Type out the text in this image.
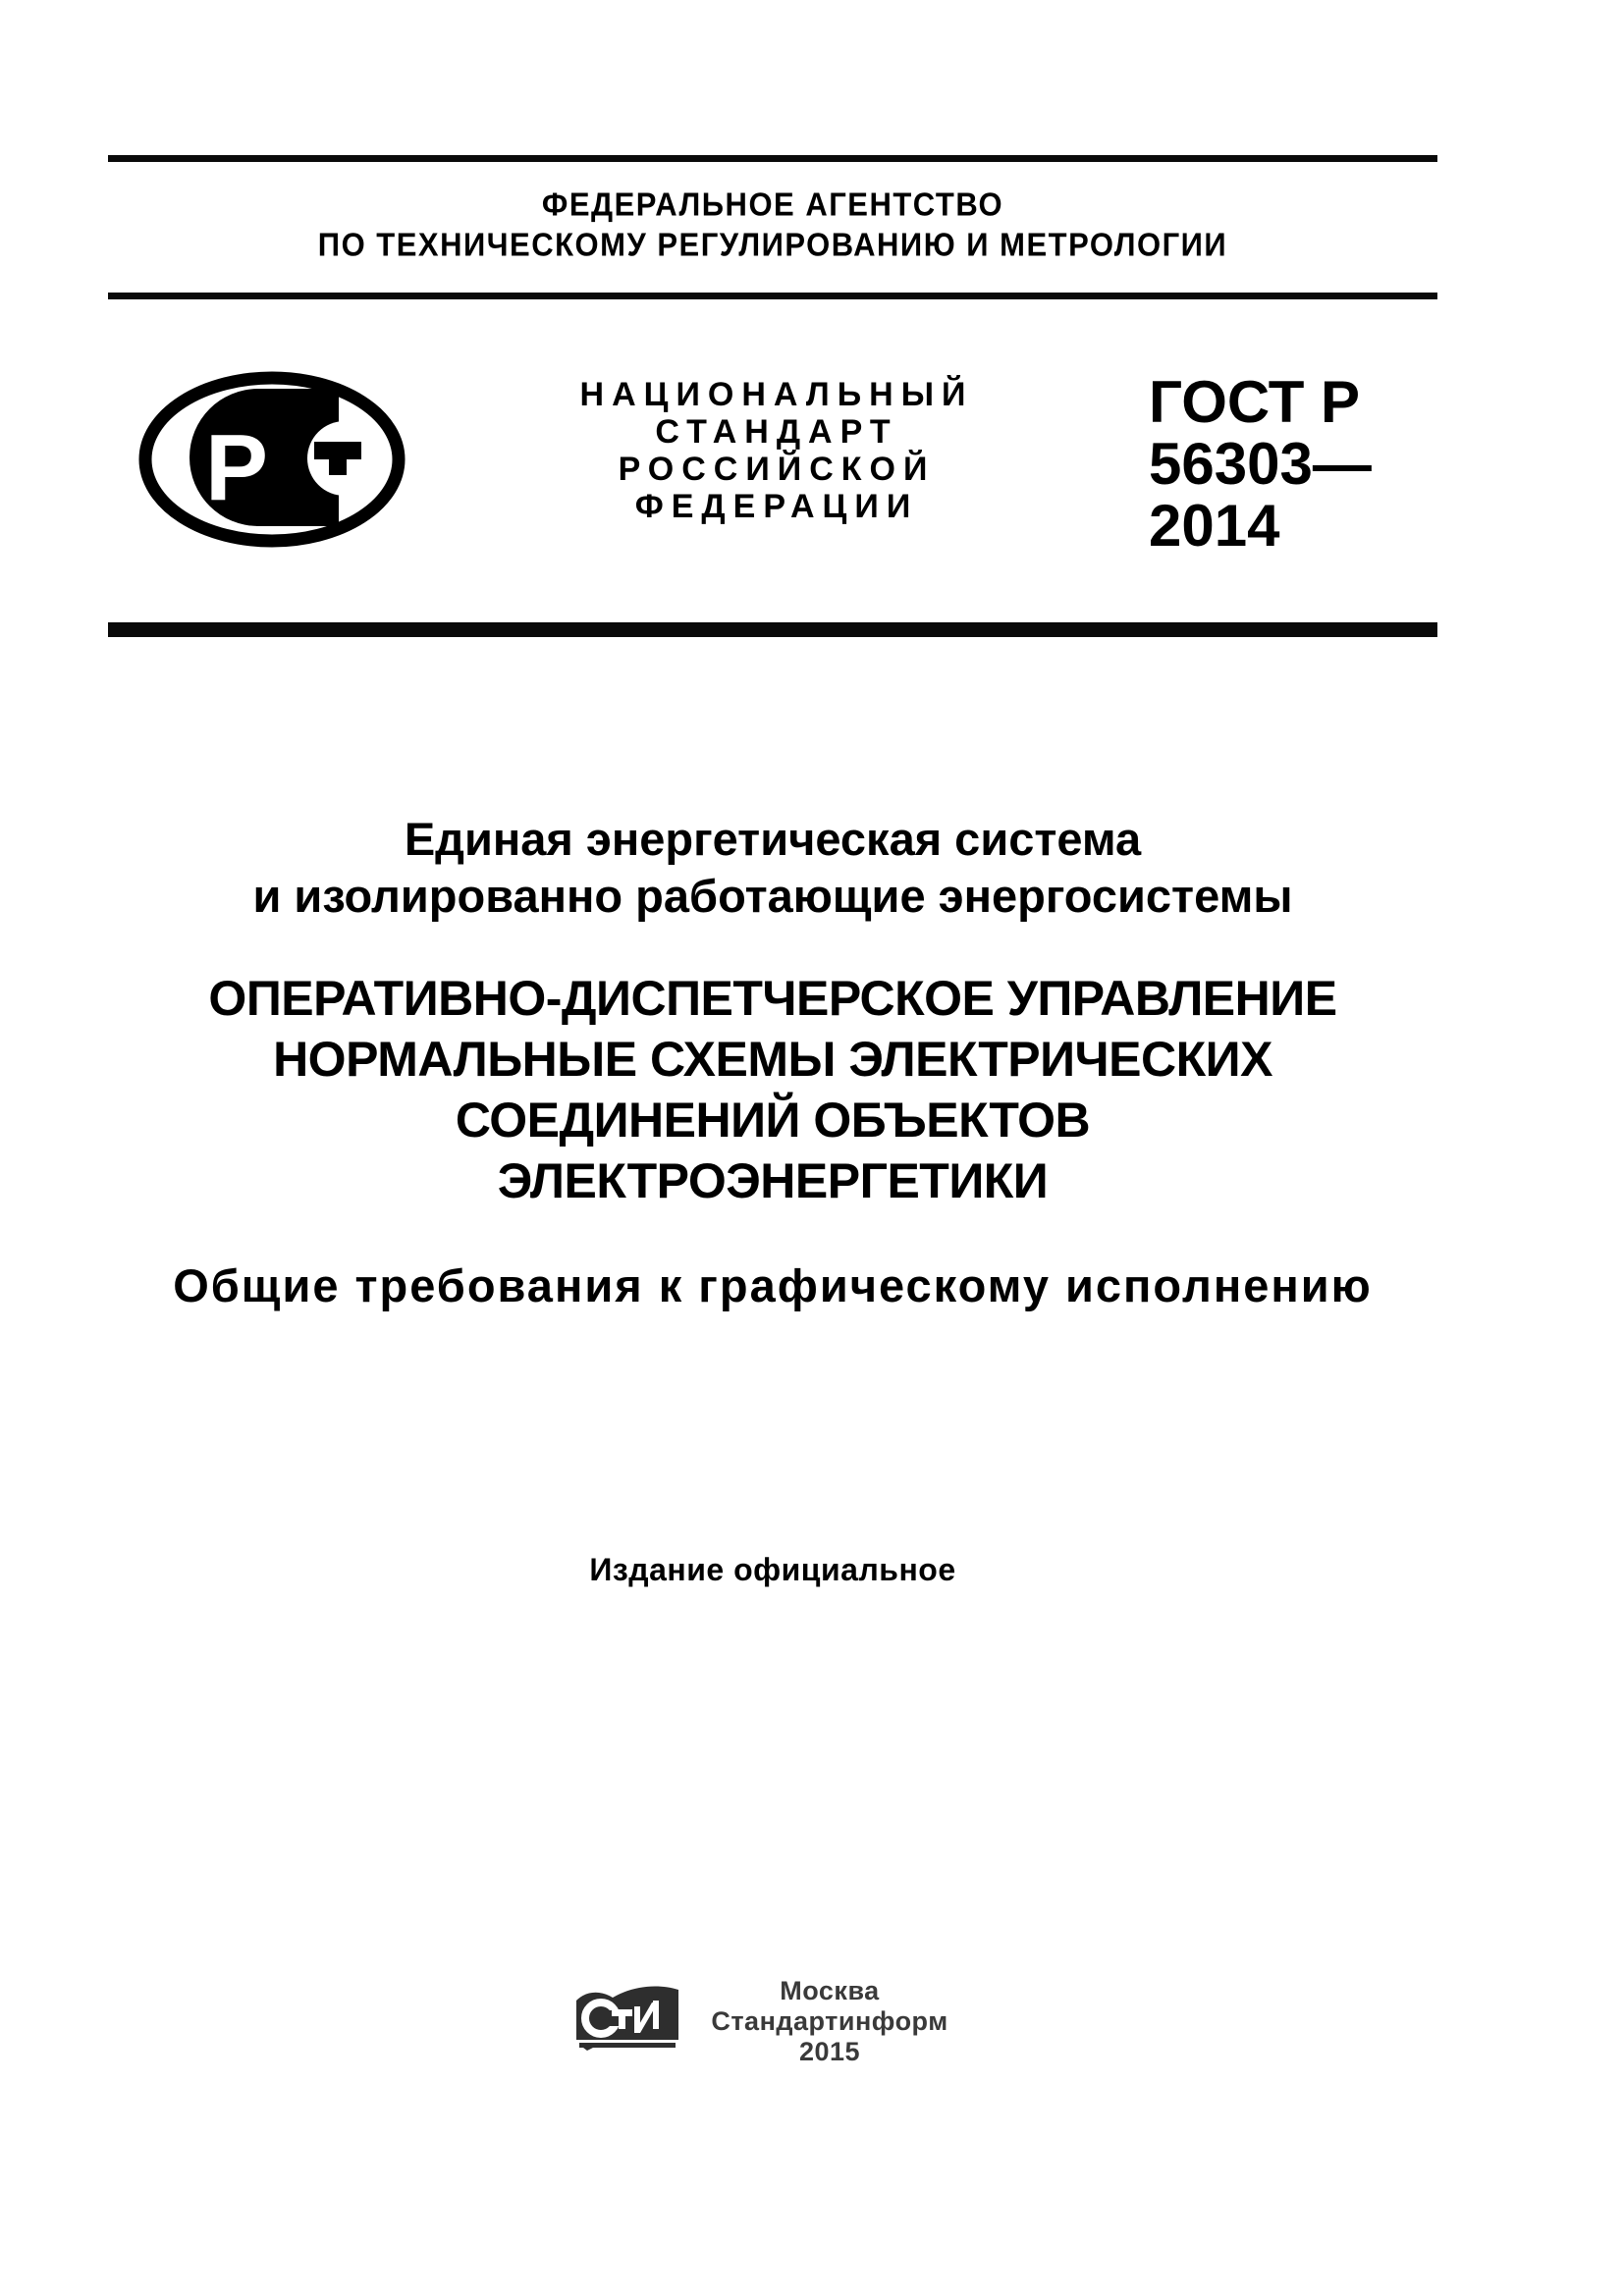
ФЕДЕРАЛЬНОЕ АГЕНТСТВО
ПО ТЕХНИЧЕСКОМУ РЕГУЛИРОВАНИЮ И МЕТРОЛОГИИ
Р
НАЦИОНАЛЬНЫЙ
СТАНДАРТ
РОССИЙСКОЙ
ФЕДЕРАЦИИ
ГОСТ Р
56303—
2014
Единая энергетическая система
и изолированно работающие энергосистемы
ОПЕРАТИВНО-ДИСПЕТЧЕРСКОЕ УПРАВЛЕНИЕ
НОРМАЛЬНЫЕ СХЕМЫ ЭЛЕКТРИЧЕСКИХ
СОЕДИНЕНИЙ ОБЪЕКТОВ
ЭЛЕКТРОЭНЕРГЕТИКИ
Общие требования к графическому исполнению
Издание официальное
Москва
Стандартинформ
2015
